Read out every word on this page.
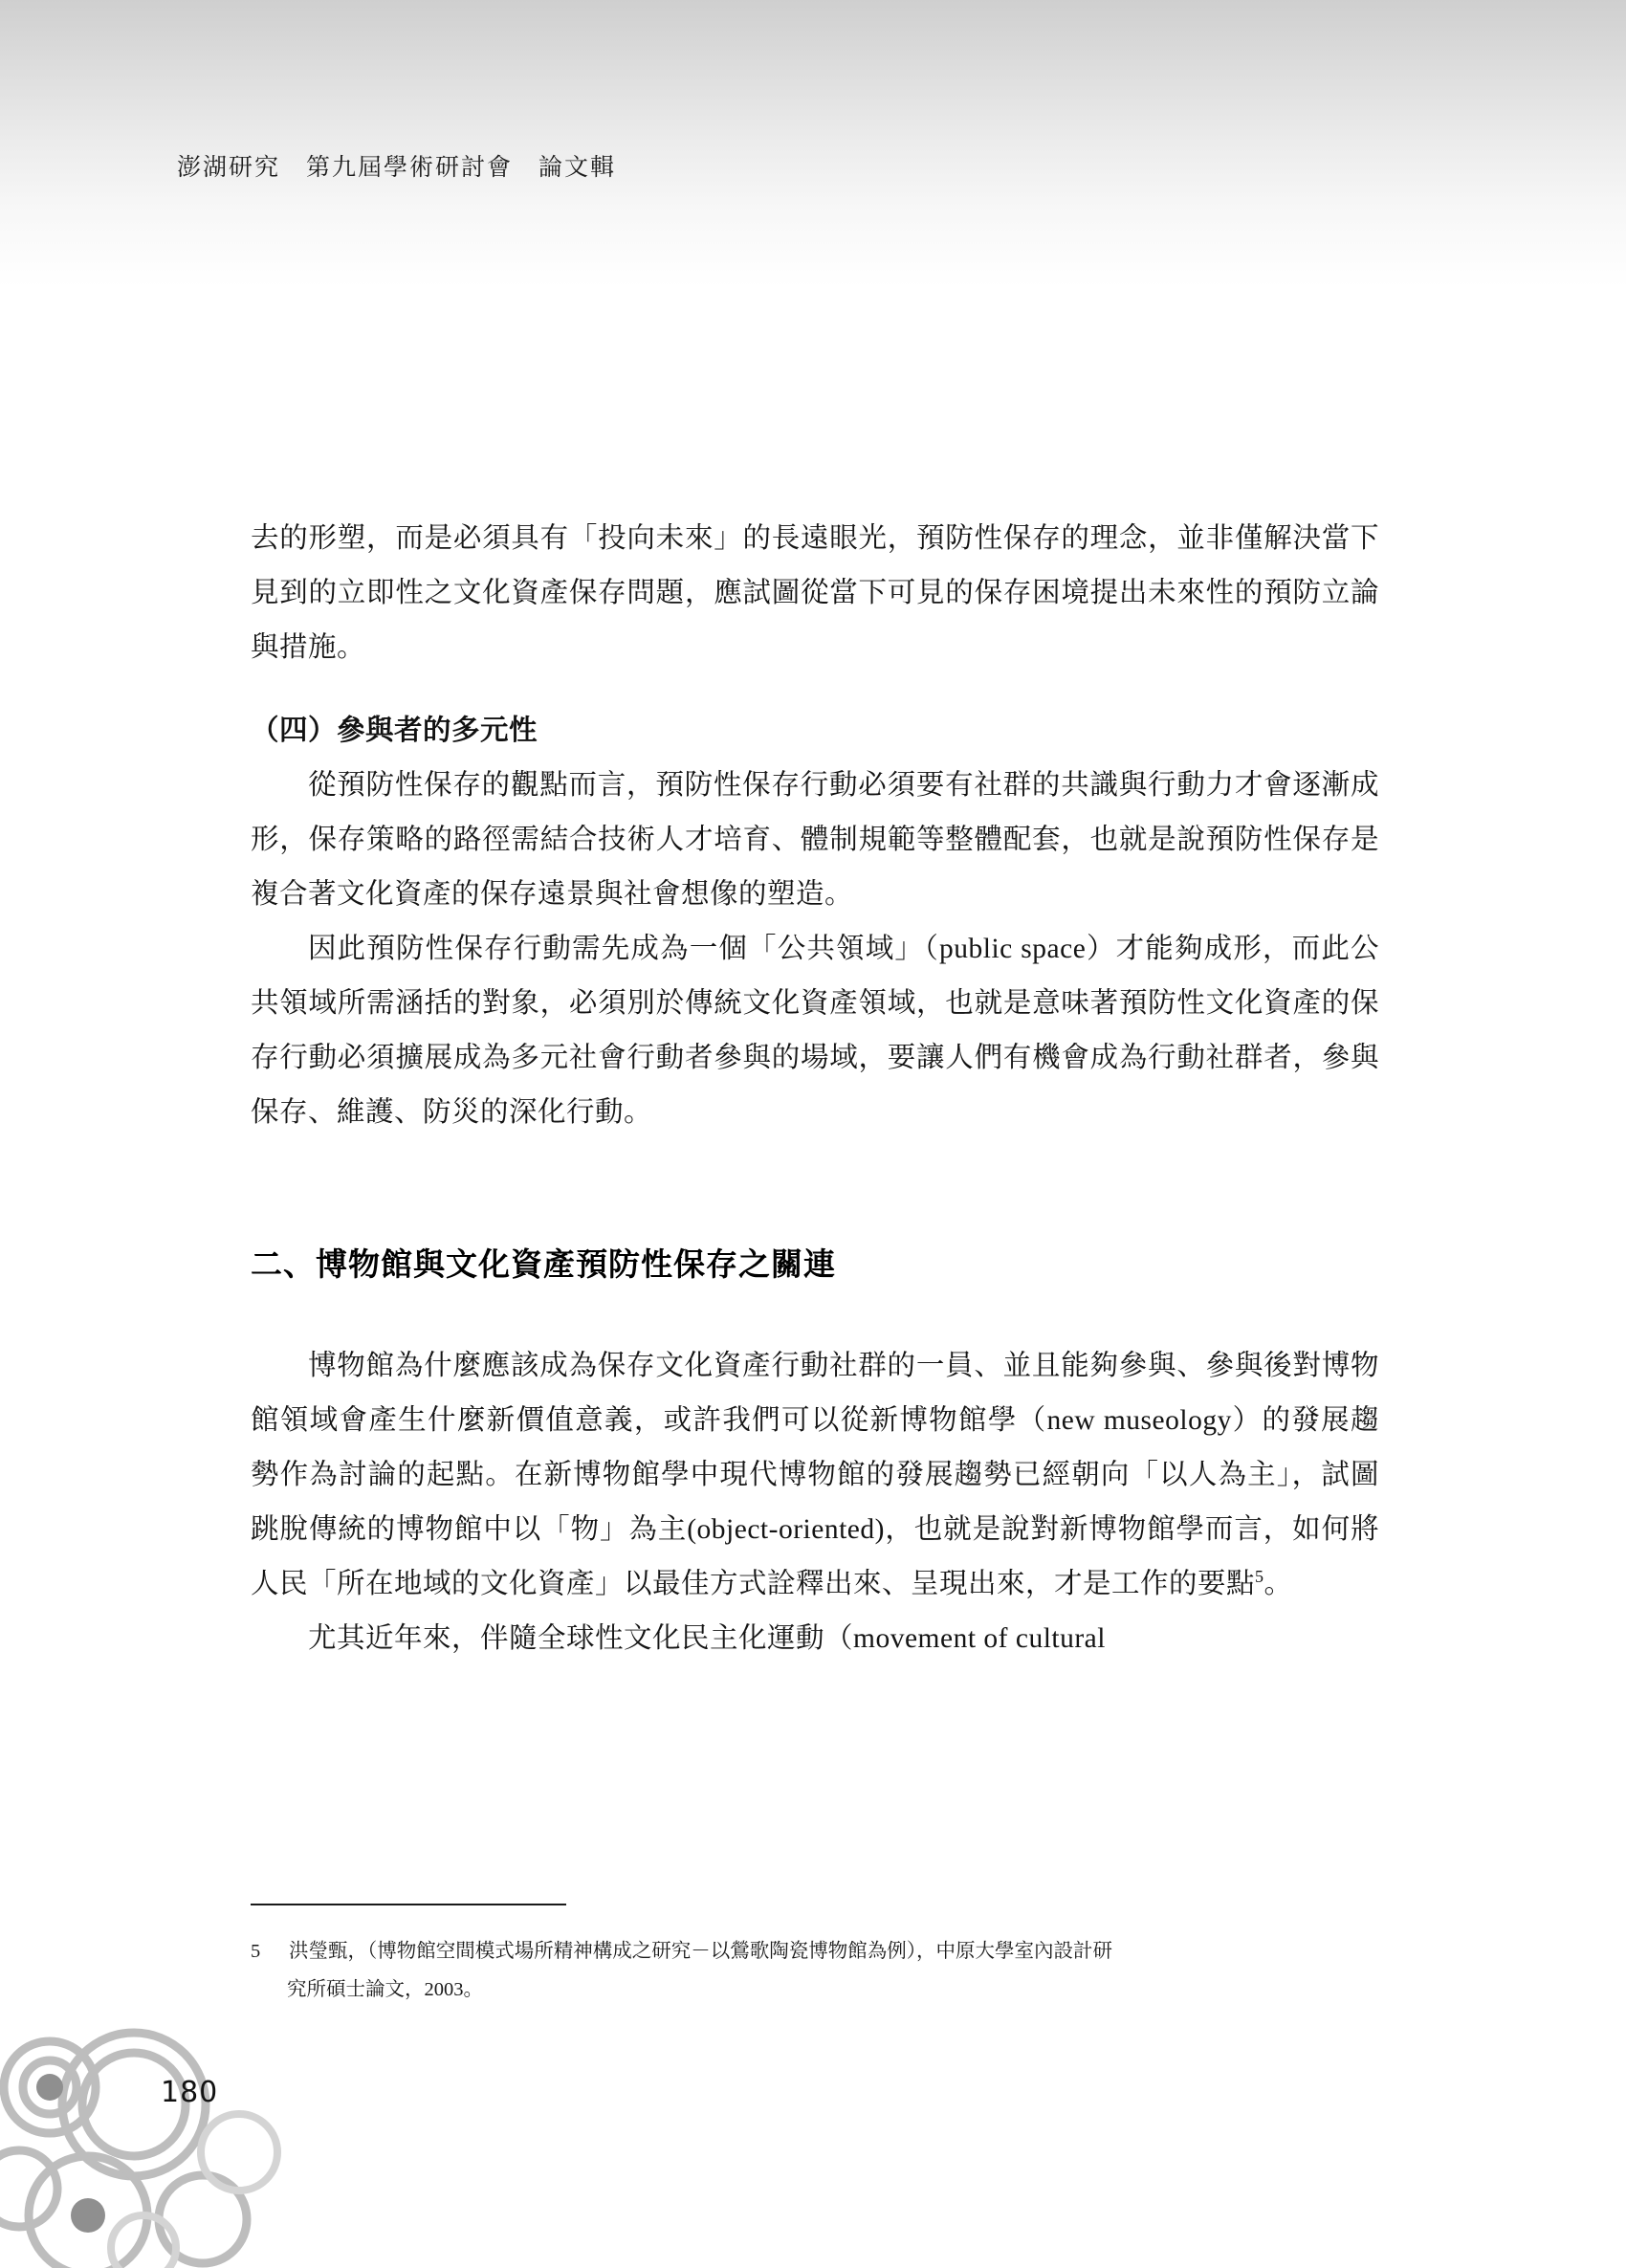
澎湖研究　第九屆學術研討會　論文輯

去的形塑，而是必須具有「投向未來」的長遠眼光，預防性保存的理念，並非僅解決當下見到的立即性之文化資產保存問題，應試圖從當下可見的保存困境提出未來性的預防立論與措施。

（四）參與者的多元性

從預防性保存的觀點而言，預防性保存行動必須要有社群的共識與行動力才會逐漸成形，保存策略的路徑需結合技術人才培育、體制規範等整體配套，也就是說預防性保存是複合著文化資產的保存遠景與社會想像的塑造。

因此預防性保存行動需先成為一個「公共領域」（public space）才能夠成形，而此公共領域所需涵括的對象，必須別於傳統文化資產領域，也就是意味著預防性文化資產的保存行動必須擴展成為多元社會行動者參與的場域，要讓人們有機會成為行動社群者，參與保存、維護、防災的深化行動。

二、博物館與文化資產預防性保存之關連

博物館為什麼應該成為保存文化資產行動社群的一員、並且能夠參與、參與後對博物館領域會產生什麼新價值意義，或許我們可以從新博物館學（new museology）的發展趨勢作為討論的起點。在新博物館學中現代博物館的發展趨勢已經朝向「以人為主」，試圖跳脫傳統的博物館中以「物」為主(object-oriented)，也就是說對新博物館學而言，如何將人民「所在地域的文化資產」以最佳方式詮釋出來、呈現出來，才是工作的要點$^5$。

尤其近年來，伴隨全球性文化民主化運動（movement of cultural

5	洪瑩甄，（博物館空間模式場所精神構成之研究－以鶯歌陶瓷博物館為例），中原大學室內設計研
究所碩士論文，2003。
180
